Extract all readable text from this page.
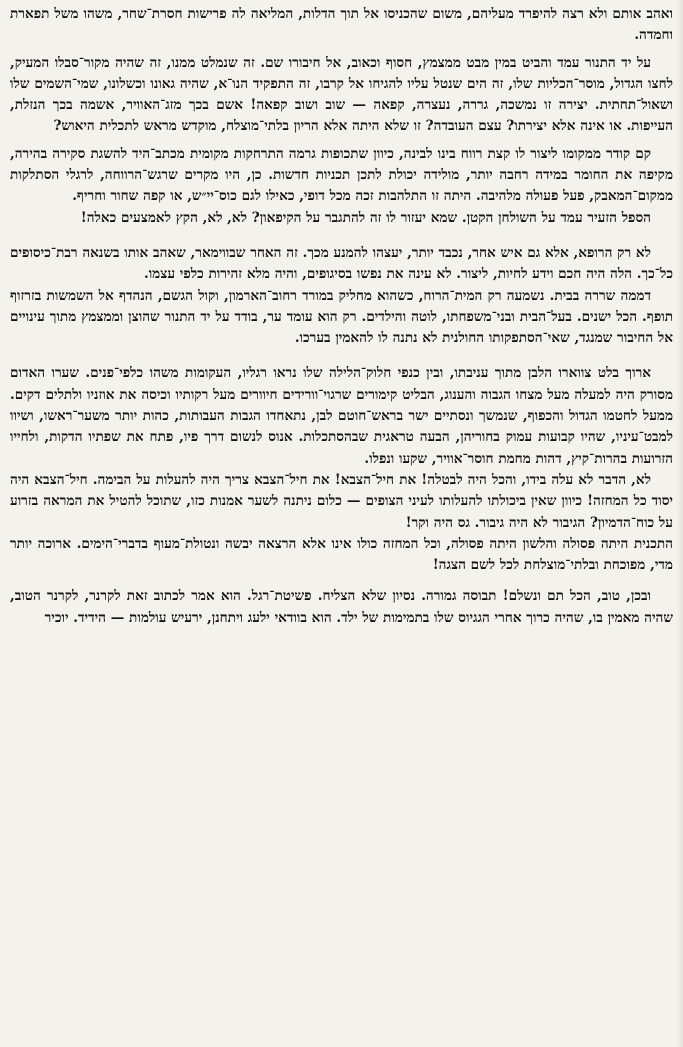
ואהב אותם ולא רצה להיפרד מעליהם, משום שהכניסו אל תוך הדלות, המליאה לה פרישות חסרת־שחר, משהו משל תפארת וחמדה.

על יד התנור עמד והביט במין מבט ממצמץ, חסוף וכאוב, אל חיבורו שם. זה שנמלט ממנו, זה שהיה מקור־סבלו המעיק, לחצו הגדול, מוסר־הכליות שלו, זה הים שנטל עליו להגיחו אל קרבו, זה התפקיד הנו־א, שהיה גאונו וכשלונו, שמי־השמים שלו ושאול־תחתית. יצירה זו נמשכה, גררה, נעצרה, קפאה — שוב ושוב קפאה! אשם בכך מזג־האוויר, אשמה בכך הנזלת, העייפות. או אינה אלא יצירתו? עצם העובדה? זו שלא היתה אלא הריון בלתי־מוצלח, מוקדש מראש לתכלית היאוש?

קם קודר ממקומו ליצור לו קצת רווח בינו לבינה, כיוון שתכופות גרמה התרחקות מקומית מכתב־היד להשגת סקירה בהירה, מקיפה את החומר במידה רחבה יותר, מולידה יכולת לתכן תכניות חדשות. כן, היו מקרים שרגש־הרווחה, לרגלי הסתלקות ממקום־המאבק, פעל פעולה מלהיבה. היתה זו התלהבות זכה מכל דופי, כאילו לגם כוס־יי״ש, או קפה שחור וחריף.

הספל הזעיר עמד על השולחן הקטן. שמא יעזור לו זה להתגבר על הקיפאון? לא, לא, הקץ לאמצעים כאלה!

לא רק הרופא, אלא גם איש אחר, נכבד יותר, יעצהו להמנע מכך. זה האחר שבווימאר, שאהב אותו בשנאה רבת־כיסופים כל־כך. הלה היה חכם וידע לחיות, ליצור. לא עינה את נפשו בסיגופים, והיה מלא זהירות כלפי עצמו.

דממה שררה בבית. נשמעה רק המית־הרוח, כשהוא מחליק במורד רחוב־הארמון, וקול הגשם, הנהדף אל השמשות בזרזוף תופף. הכל ישנים. בעל־הבית ובני־משפחתו, לוטה והילדים. רק הוא עומד ער, בודד על יד התנור שהוצן וממצמץ מתוך עינויים אל החיבור שמנגד, שאי־הסתפקותו החולנית לא נתנה לו להאמין בערכו.

ארוך בלט צווארו הלבן מתוך עניבתו, ובין כנפי חלוק־הלילה שלו נראו רגליו, העקומות משהו כלפי־פנים. שערו האדום מסורק היה למעלה מעל מצחו הגבוה והענוג, הבליט קימורים שרגוי־וורידים חיוורים מעל רקותיו וכיסה את אוזניו ולתלים דקים. ממעל לחטמו הגדול והכפוף, שנמשך ונסתיים ישר בראש־חוטם לבן, נתאחדו הגבות העבותות, כהות יותר משער־ראשו, ושיוו למבט־עיניו, שהיו קבועות עמוק בחוריהן, הבעה טראגית שבהסתכלות. אנוס לנשום דרך פיו, פתח את שפתיו הדקות, ולחייו הזרועות בהרות־קיץ, דהות מחמת חוסר־אוויר, שקעו ונפלו.

לא, הדבר לא עלה בידו, והכל היה לבטלה! את חיל־הצבא! את חיל־הצבא צריך היה להעלות על הבימה. חיל־הצבא היה יסוד כל המחזה! כיוון שאין ביכולתו להעלותו לעיני הצופים — כלום ניתנה לשער אמנות כזו, שתוכל להטיל את המראה בזרוע על כוח־הדמיון? הגיבור לא היה גיבור. גס היה וקר!

התכנית היתה פסולה והלשון היתה פסולה, וכל המחזה כולו אינו אלא הרצאה יבשה ונטולת־מעוף בדברי־הימים. ארוכה יותר מדי, מפוכחת ובלתי־מוצלחת לכל לשם הצגה!

ובכן, טוב, הכל תם ונשלם! תבוסה גמורה. נסיון שלא הצליח. פשיטת־רגל. הוא אמר לכתוב זאת לקרנר, לקרנר הטוב, שהיה מאמין בו, שהיה כרוך אחרי הגגיוס שלו בתמימות של ילד. הוא בוודאי ילעג ויתחנן, ירעיש עולמות — הידיד. יוכיר
